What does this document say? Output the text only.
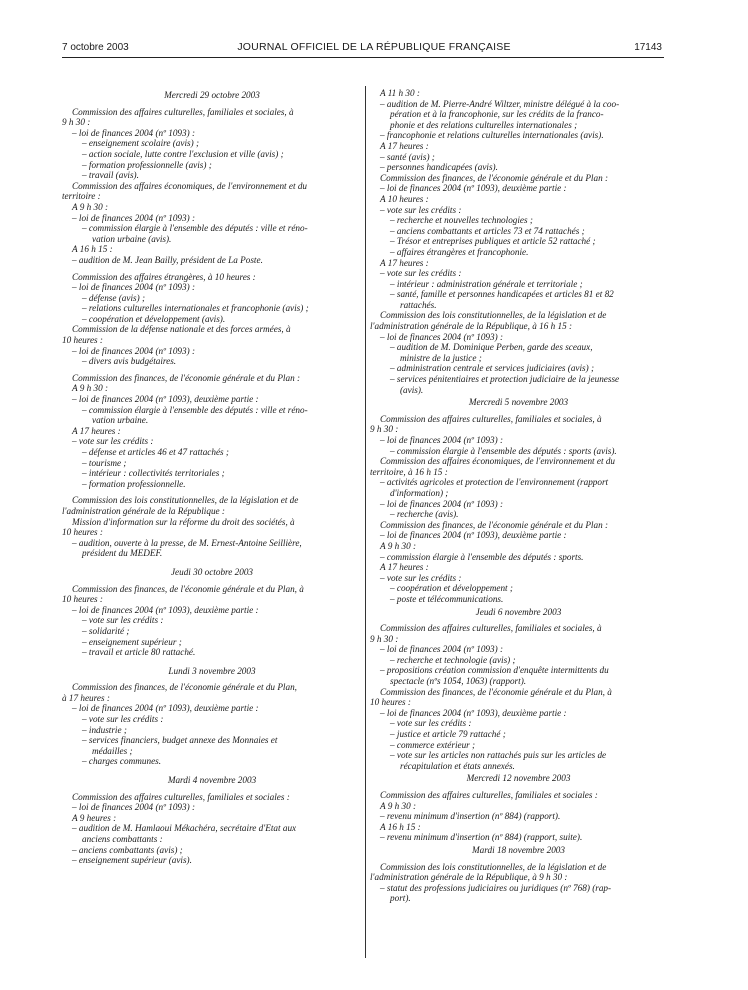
7 octobre 2003	JOURNAL OFFICIEL DE LA RÉPUBLIQUE FRANÇAISE	17143
Mercredi 29 octobre 2003
Commission des affaires culturelles, familiales et sociales, à
9 h 30 :
– loi de finances 2004 (nº 1093) :
– enseignement scolaire (avis) ;
– action sociale, lutte contre l'exclusion et ville (avis) ;
– formation professionnelle (avis) ;
– travail (avis).
Commission des affaires économiques, de l'environnement et du
territoire :
A 9 h 30 :
– loi de finances 2004 (nº 1093) :
– commission élargie à l'ensemble des députés : ville et réno-
vation urbaine (avis).
A 16 h 15 :
– audition de M. Jean Bailly, président de La Poste.
Commission des affaires étrangères, à 10 heures :
– loi de finances 2004 (nº 1093) :
– défense (avis) ;
– relations culturelles internationales et francophonie (avis) ;
– coopération et développement (avis).
Commission de la défense nationale et des forces armées, à
10 heures :
– loi de finances 2004 (nº 1093) :
– divers avis budgétaires.
Commission des finances, de l'économie générale et du Plan :
A 9 h 30 :
– loi de finances 2004 (nº 1093), deuxième partie :
– commission élargie à l'ensemble des députés : ville et réno-
vation urbaine.
A 17 heures :
– vote sur les crédits :
– défense et articles 46 et 47 rattachés ;
– tourisme ;
– intérieur : collectivités territoriales ;
– formation professionnelle.
Commission des lois constitutionnelles, de la législation et de
l'administration générale de la République :
Mission d'information sur la réforme du droit des sociétés, à
10 heures :
– audition, ouverte à la presse, de M. Ernest-Antoine Seillière,
président du MEDEF.
Jeudi 30 octobre 2003
Commission des finances, de l'économie générale et du Plan, à
10 heures :
– loi de finances 2004 (nº 1093), deuxième partie :
– vote sur les crédits :
– solidarité ;
– enseignement supérieur ;
– travail et article 80 rattaché.
Lundi 3 novembre 2003
Commission des finances, de l'économie générale et du Plan,
à 17 heures :
– loi de finances 2004 (nº 1093), deuxième partie :
– vote sur les crédits :
– industrie ;
– services financiers, budget annexe des Monnaies et
médailles ;
– charges communes.
Mardi 4 novembre 2003
Commission des affaires culturelles, familiales et sociales :
– loi de finances 2004 (nº 1093) :
A 9 heures :
– audition de M. Hamlaoui Mékachéra, secrétaire d'Etat aux
anciens combattants :
– anciens combattants (avis) ;
– enseignement supérieur (avis).
A 11 h 30 :
– audition de M. Pierre-André Wiltzer, ministre délégué à la coo-
pération et à la francophonie, sur les crédits de la franco-
phonie et des relations culturelles internationales ;
– francophonie et relations culturelles internationales (avis).
A 17 heures :
– santé (avis) ;
– personnes handicapées (avis).
Commission des finances, de l'économie générale et du Plan :
– loi de finances 2004 (nº 1093), deuxième partie :
A 10 heures :
– vote sur les crédits :
– recherche et nouvelles technologies ;
– anciens combattants et articles 73 et 74 rattachés ;
– Trésor et entreprises publiques et article 52 rattaché ;
– affaires étrangères et francophonie.
A 17 heures :
– vote sur les crédits :
– intérieur : administration générale et territoriale ;
– santé, famille et personnes handicapées et articles 81 et 82
rattachés.
Commission des lois constitutionnelles, de la législation et de
l'administration générale de la République, à 16 h 15 :
– loi de finances 2004 (nº 1093) :
– audition de M. Dominique Perben, garde des sceaux,
ministre de la justice ;
– administration centrale et services judiciaires (avis) ;
– services pénitentiaires et protection judiciaire de la jeunesse
(avis).
Mercredi 5 novembre 2003
Commission des affaires culturelles, familiales et sociales, à
9 h 30 :
– loi de finances 2004 (nº 1093) :
– commission élargie à l'ensemble des députés : sports (avis).
Commission des affaires économiques, de l'environnement et du
territoire, à 16 h 15 :
– activités agricoles et protection de l'environnement (rapport
d'information) ;
– loi de finances 2004 (nº 1093) :
– recherche (avis).
Commission des finances, de l'économie générale et du Plan :
– loi de finances 2004 (nº 1093), deuxième partie :
A 9 h 30 :
– commission élargie à l'ensemble des députés : sports.
A 17 heures :
– vote sur les crédits :
– coopération et développement ;
– poste et télécommunications.
Jeudi 6 novembre 2003
Commission des affaires culturelles, familiales et sociales, à
9 h 30 :
– loi de finances 2004 (nº 1093) :
– recherche et technologie (avis) ;
– propositions création commission d'enquête intermittents du
spectacle (nºs 1054, 1063) (rapport).
Commission des finances, de l'économie générale et du Plan, à
10 heures :
– loi de finances 2004 (nº 1093), deuxième partie :
– vote sur les crédits :
– justice et article 79 rattaché ;
– commerce extérieur ;
– vote sur les articles non rattachés puis sur les articles de
récapitulation et états annexés.
Mercredi 12 novembre 2003
Commission des affaires culturelles, familiales et sociales :
A 9 h 30 :
– revenu minimum d'insertion (nº 884) (rapport).
A 16 h 15 :
– revenu minimum d'insertion (nº 884) (rapport, suite).
Mardi 18 novembre 2003
Commission des lois constitutionnelles, de la législation et de
l'administration générale de la République, à 9 h 30 :
– statut des professions judiciaires ou juridiques (nº 768) (rap-
port).
